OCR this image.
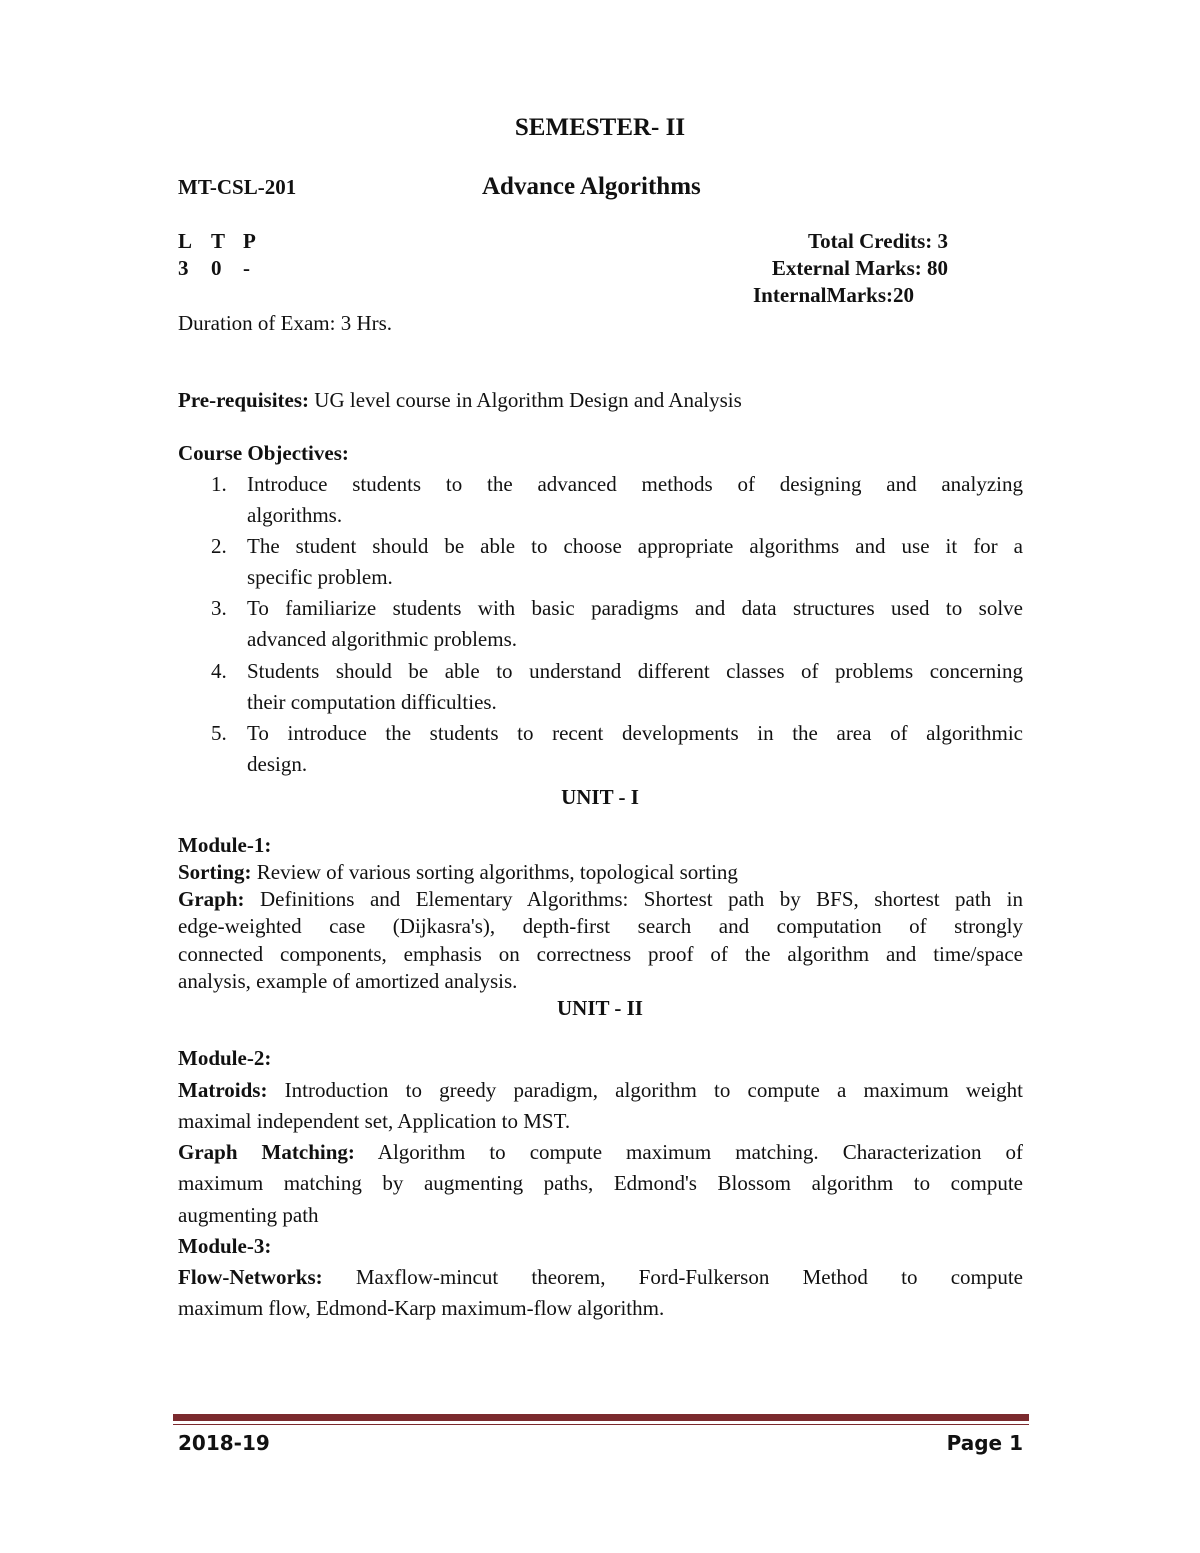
SEMESTER- II
MT-CSL-201	Advance Algorithms
L T P
3 0 -
Total Credits: 3
External Marks: 80
InternalMarks:20
Duration of Exam: 3 Hrs.
Pre-requisites: UG level course in Algorithm Design and Analysis
Course Objectives:
1. Introduce students to the advanced methods of designing and analyzing
algorithms.
2. The student should be able to choose appropriate algorithms and use it for a
specific problem.
3. To familiarize students with basic paradigms and data structures used to solve
advanced algorithmic problems.
4. Students should be able to understand different classes of problems concerning
their computation difficulties.
5. To introduce the students to recent developments in the area of algorithmic
design.
UNIT - I
Module-1:
Sorting: Review of various sorting algorithms, topological sorting
Graph: Definitions and Elementary Algorithms: Shortest path by BFS, shortest path in
edge-weighted case (Dijkasra's), depth-first search and computation of strongly
connected components, emphasis on correctness proof of the algorithm and time/space
analysis, example of amortized analysis.
UNIT - II
Module-2:
Matroids: Introduction to greedy paradigm, algorithm to compute a maximum weight
maximal independent set, Application to MST.
Graph Matching: Algorithm to compute maximum matching. Characterization of
maximum matching by augmenting paths, Edmond's Blossom algorithm to compute
augmenting path
Module-3:
Flow-Networks: Maxflow-mincut theorem, Ford-Fulkerson Method to compute
maximum flow, Edmond-Karp maximum-flow algorithm.
2018-19	Page 1
